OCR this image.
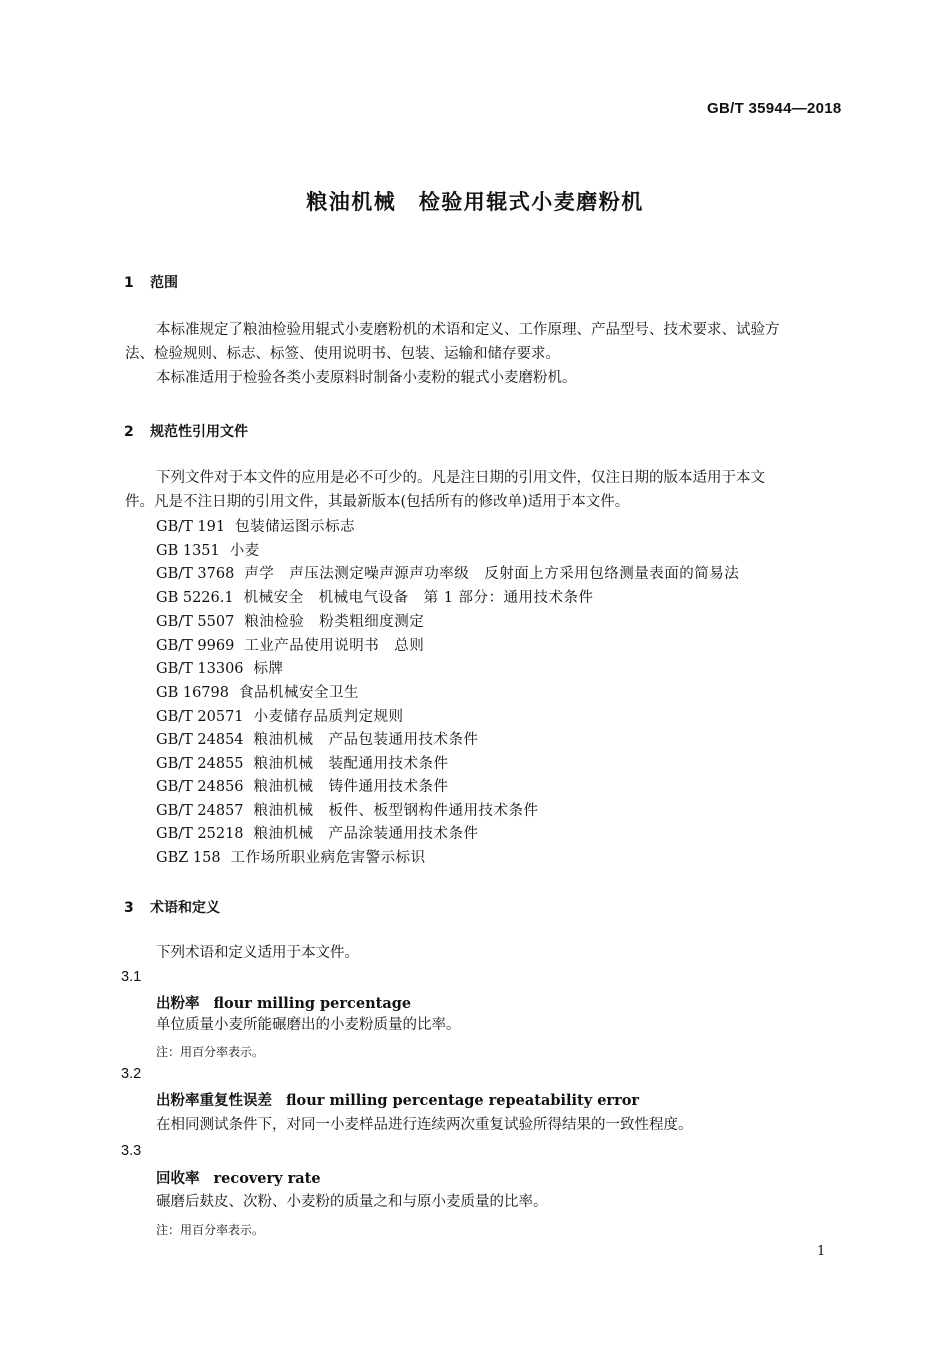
GB/T 35944—2018
粮油机械　检验用辊式小麦磨粉机
1 范围
本标准规定了粮油检验用辊式小麦磨粉机的术语和定义、工作原理、产品型号、技术要求、试验方
法、检验规则、标志、标签、使用说明书、包装、运输和储存要求。
本标准适用于检验各类小麦原料时制备小麦粉的辊式小麦磨粉机。
2 规范性引用文件
下列文件对于本文件的应用是必不可少的。凡是注日期的引用文件，仅注日期的版本适用于本文
件。凡是不注日期的引用文件，其最新版本(包括所有的修改单)适用于本文件。
GB/T 191 包装储运图示标志
GB 1351 小麦
GB/T 3768 声学　声压法测定噪声源声功率级　反射面上方采用包络测量表面的简易法
GB 5226.1 机械安全　机械电气设备　第 1 部分：通用技术条件
GB/T 5507 粮油检验　粉类粗细度测定
GB/T 9969 工业产品使用说明书　总则
GB/T 13306 标牌
GB 16798 食品机械安全卫生
GB/T 20571 小麦储存品质判定规则
GB/T 24854 粮油机械　产品包装通用技术条件
GB/T 24855 粮油机械　装配通用技术条件
GB/T 24856 粮油机械　铸件通用技术条件
GB/T 24857 粮油机械　板件、板型钢构件通用技术条件
GB/T 25218 粮油机械　产品涂装通用技术条件
GBZ 158 工作场所职业病危害警示标识
3 术语和定义
下列术语和定义适用于本文件。
3.1
出粉率 flour milling percentage
单位质量小麦所能碾磨出的小麦粉质量的比率。
注：用百分率表示。
3.2
出粉率重复性误差 flour milling percentage repeatability error
在相同测试条件下，对同一小麦样品进行连续两次重复试验所得结果的一致性程度。
3.3
回收率 recovery rate
碾磨后麸皮、次粉、小麦粉的质量之和与原小麦质量的比率。
注：用百分率表示。
1
